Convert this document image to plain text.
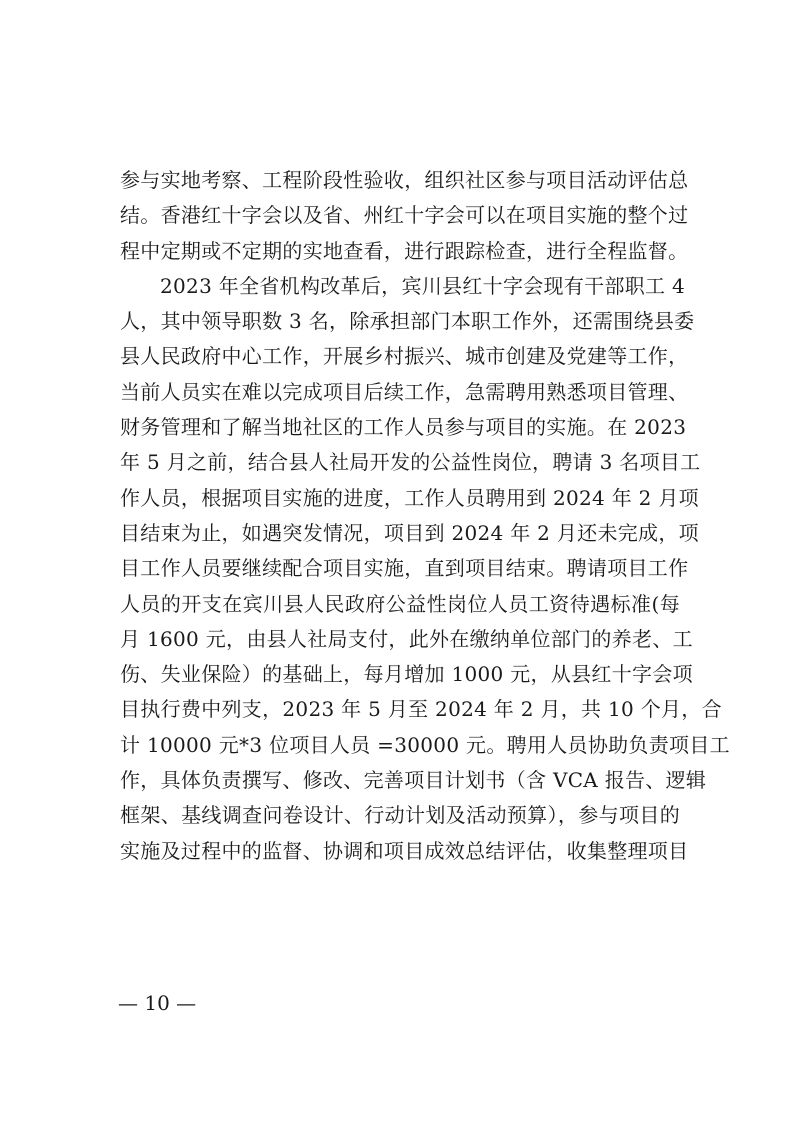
参与实地考察、工程阶段性验收，组织社区参与项目活动评估总
结。香港红十字会以及省、州红十字会可以在项目实施的整个过
程中定期或不定期的实地查看，进行跟踪检查，进行全程监督。
2023 年全省机构改革后，宾川县红十字会现有干部职工 4
人，其中领导职数 3 名，除承担部门本职工作外，还需围绕县委
县人民政府中心工作，开展乡村振兴、城市创建及党建等工作，
当前人员实在难以完成项目后续工作，急需聘用熟悉项目管理、
财务管理和了解当地社区的工作人员参与项目的实施。在 2023
年 5 月之前，结合县人社局开发的公益性岗位，聘请 3 名项目工
作人员，根据项目实施的进度，工作人员聘用到 2024 年 2 月项
目结束为止，如遇突发情况，项目到 2024 年 2 月还未完成，项
目工作人员要继续配合项目实施，直到项目结束。聘请项目工作
人员的开支在宾川县人民政府公益性岗位人员工资待遇标准(每
月 1600 元，由县人社局支付，此外在缴纳单位部门的养老、工
伤、失业保险）的基础上，每月增加 1000 元，从县红十字会项
目执行费中列支，2023 年 5 月至 2024 年 2 月，共 10 个月，合
计 10000 元*3 位项目人员 =30000 元。聘用人员协助负责项目工
作，具体负责撰写、修改、完善项目计划书（含 VCA 报告、逻辑
框架、基线调查问卷设计、行动计划及活动预算），参与项目的
实施及过程中的监督、协调和项目成效总结评估，收集整理项目
— 10 —
